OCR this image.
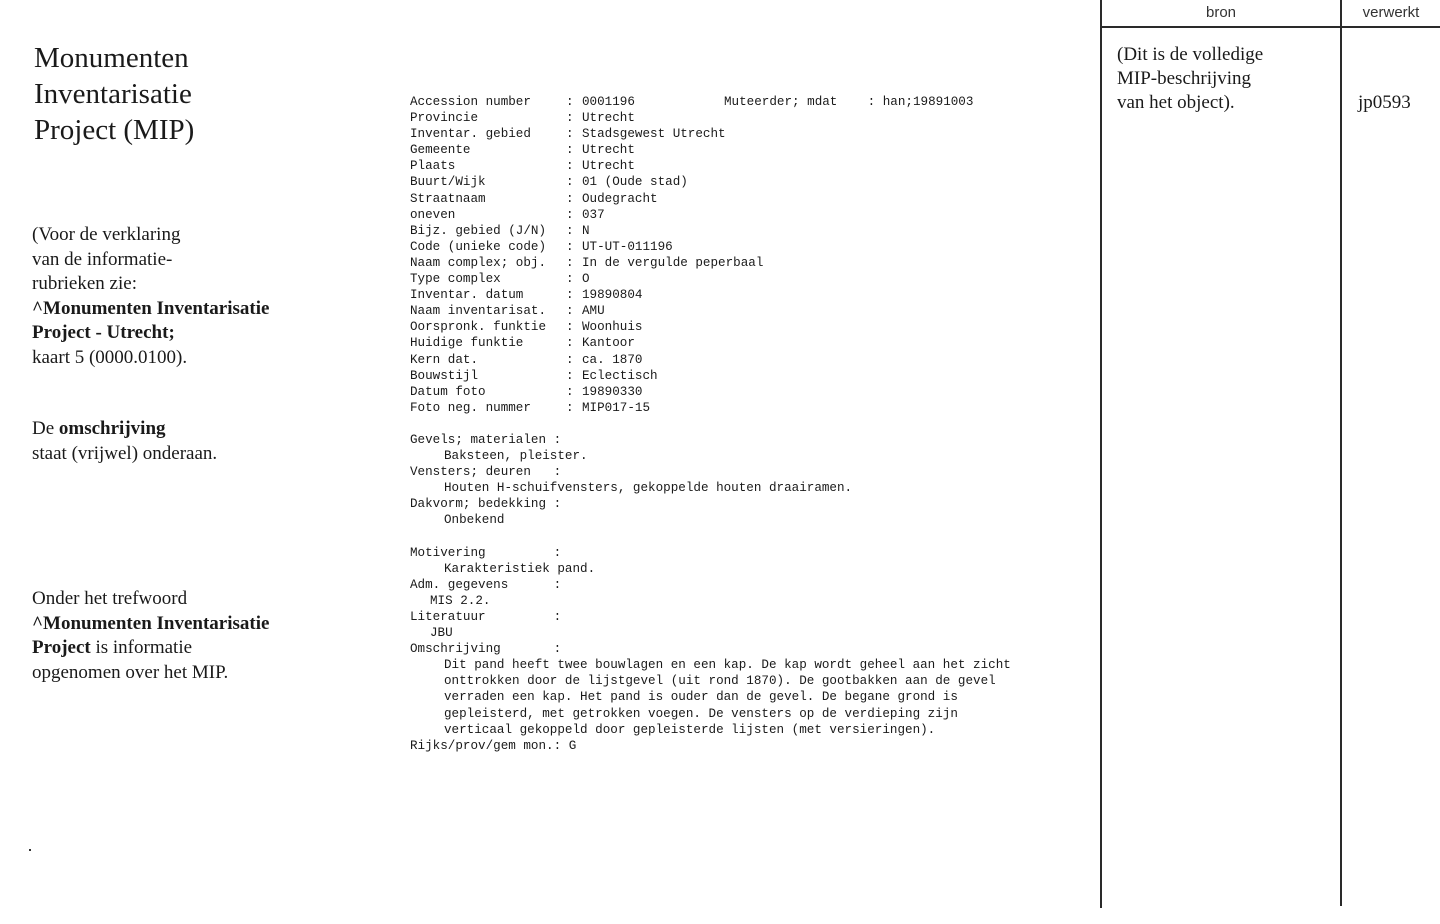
Monumenten
Inventarisatie
Project (MIP)
(Voor de verklaring
van de informatie-
rubrieken zie:
^Monumenten Inventarisatie
Project - Utrecht;
kaart 5 (0000.0100).
De omschrijving
staat (vrijwel) onderaan.
Onder het trefwoord
^Monumenten Inventarisatie
Project is informatie
opgenomen over het MIP.
Muteerder; mdat : han;19891003
Accession number	: 0001196
Provincie	: Utrecht
Inventar. gebied	: Stadsgewest Utrecht
Gemeente	: Utrecht
Plaats	: Utrecht
Buurt/Wijk	: 01 (Oude stad)
Straatnaam	: Oudegracht
oneven	: 037
Bijz. gebied (J/N) : N
Code (unieke code) : UT-UT-011196
Naam complex; obj. : In de vergulde peperbaal
Type complex	: O
Inventar. datum	: 19890804
Naam inventarisat. : AMU
Oorspronk. funktie : Woonhuis
Huidige funktie	: Kantoor
Kern dat.	: ca. 1870
Bouwstijl	: Eclectisch
Datum foto	: 19890330
Foto neg. nummer	: MIP017-15
Gevels; materialen :
Baksteen, pleister.
Vensters; deuren   :
Houten H-schuifvensters, gekoppelde houten draairamen.
Dakvorm; bedekking :
Onbekend
Motivering         :
Karakteristiek pand.
Adm. gegevens      :
MIS 2.2.
Literatuur         :
JBU
Omschrijving       :
Dit pand heeft twee bouwlagen en een kap. De kap wordt geheel aan het zicht
onttrokken door de lijstgevel (uit rond 1870). De gootbakken aan de gevel
verraden een kap. Het pand is ouder dan de gevel. De begane grond is
gepleisterd, met getrokken voegen. De vensters op de verdieping zijn
verticaal gekoppeld door gepleisterde lijsten (met versieringen).
Rijks/prov/gem mon.: G
bron	verwerkt
(Dit is de volledige
MIP-beschrijving
van het object).	jp0593
